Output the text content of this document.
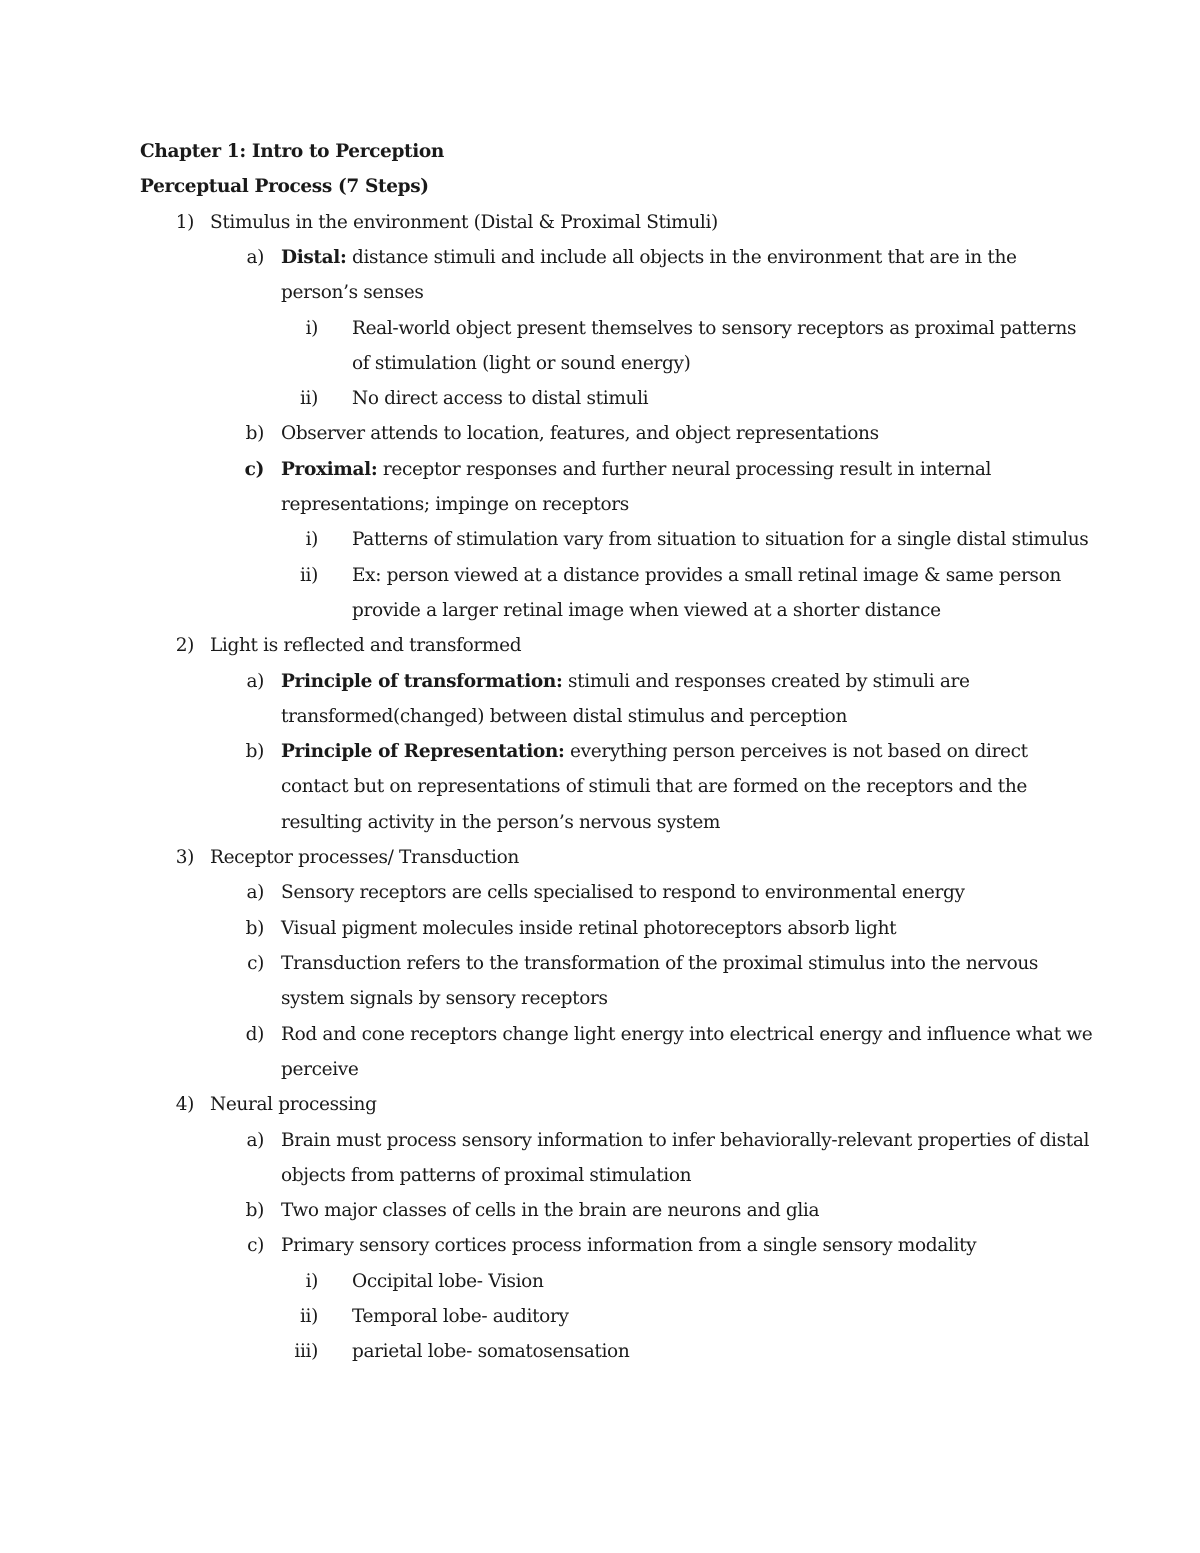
Chapter 1: Intro to Perception
Perceptual Process (7 Steps)
1) Stimulus in the environment (Distal & Proximal Stimuli)
a) Distal: distance stimuli and include all objects in the environment that are in the
person’s senses
i) Real-world object present themselves to sensory receptors as proximal patterns
of stimulation (light or sound energy)
ii) No direct access to distal stimuli
b) Observer attends to location, features, and object representations
c) Proximal: receptor responses and further neural processing result in internal
representations; impinge on receptors
i) Patterns of stimulation vary from situation to situation for a single distal stimulus
ii) Ex: person viewed at a distance provides a small retinal image & same person
provide a larger retinal image when viewed at a shorter distance
2) Light is reflected and transformed
a) Principle of transformation: stimuli and responses created by stimuli are
transformed(changed) between distal stimulus and perception
b) Principle of Representation: everything person perceives is not based on direct
contact but on representations of stimuli that are formed on the receptors and the
resulting activity in the person’s nervous system
3) Receptor processes/ Transduction
a) Sensory receptors are cells specialised to respond to environmental energy
b) Visual pigment molecules inside retinal photoreceptors absorb light
c) Transduction refers to the transformation of the proximal stimulus into the nervous
system signals by sensory receptors
d) Rod and cone receptors change light energy into electrical energy and influence what we
perceive
4) Neural processing
a) Brain must process sensory information to infer behaviorally-relevant properties of distal
objects from patterns of proximal stimulation
b) Two major classes of cells in the brain are neurons and glia
c) Primary sensory cortices process information from a single sensory modality
i) Occipital lobe- Vision
ii) Temporal lobe- auditory
iii) parietal lobe- somatosensation
